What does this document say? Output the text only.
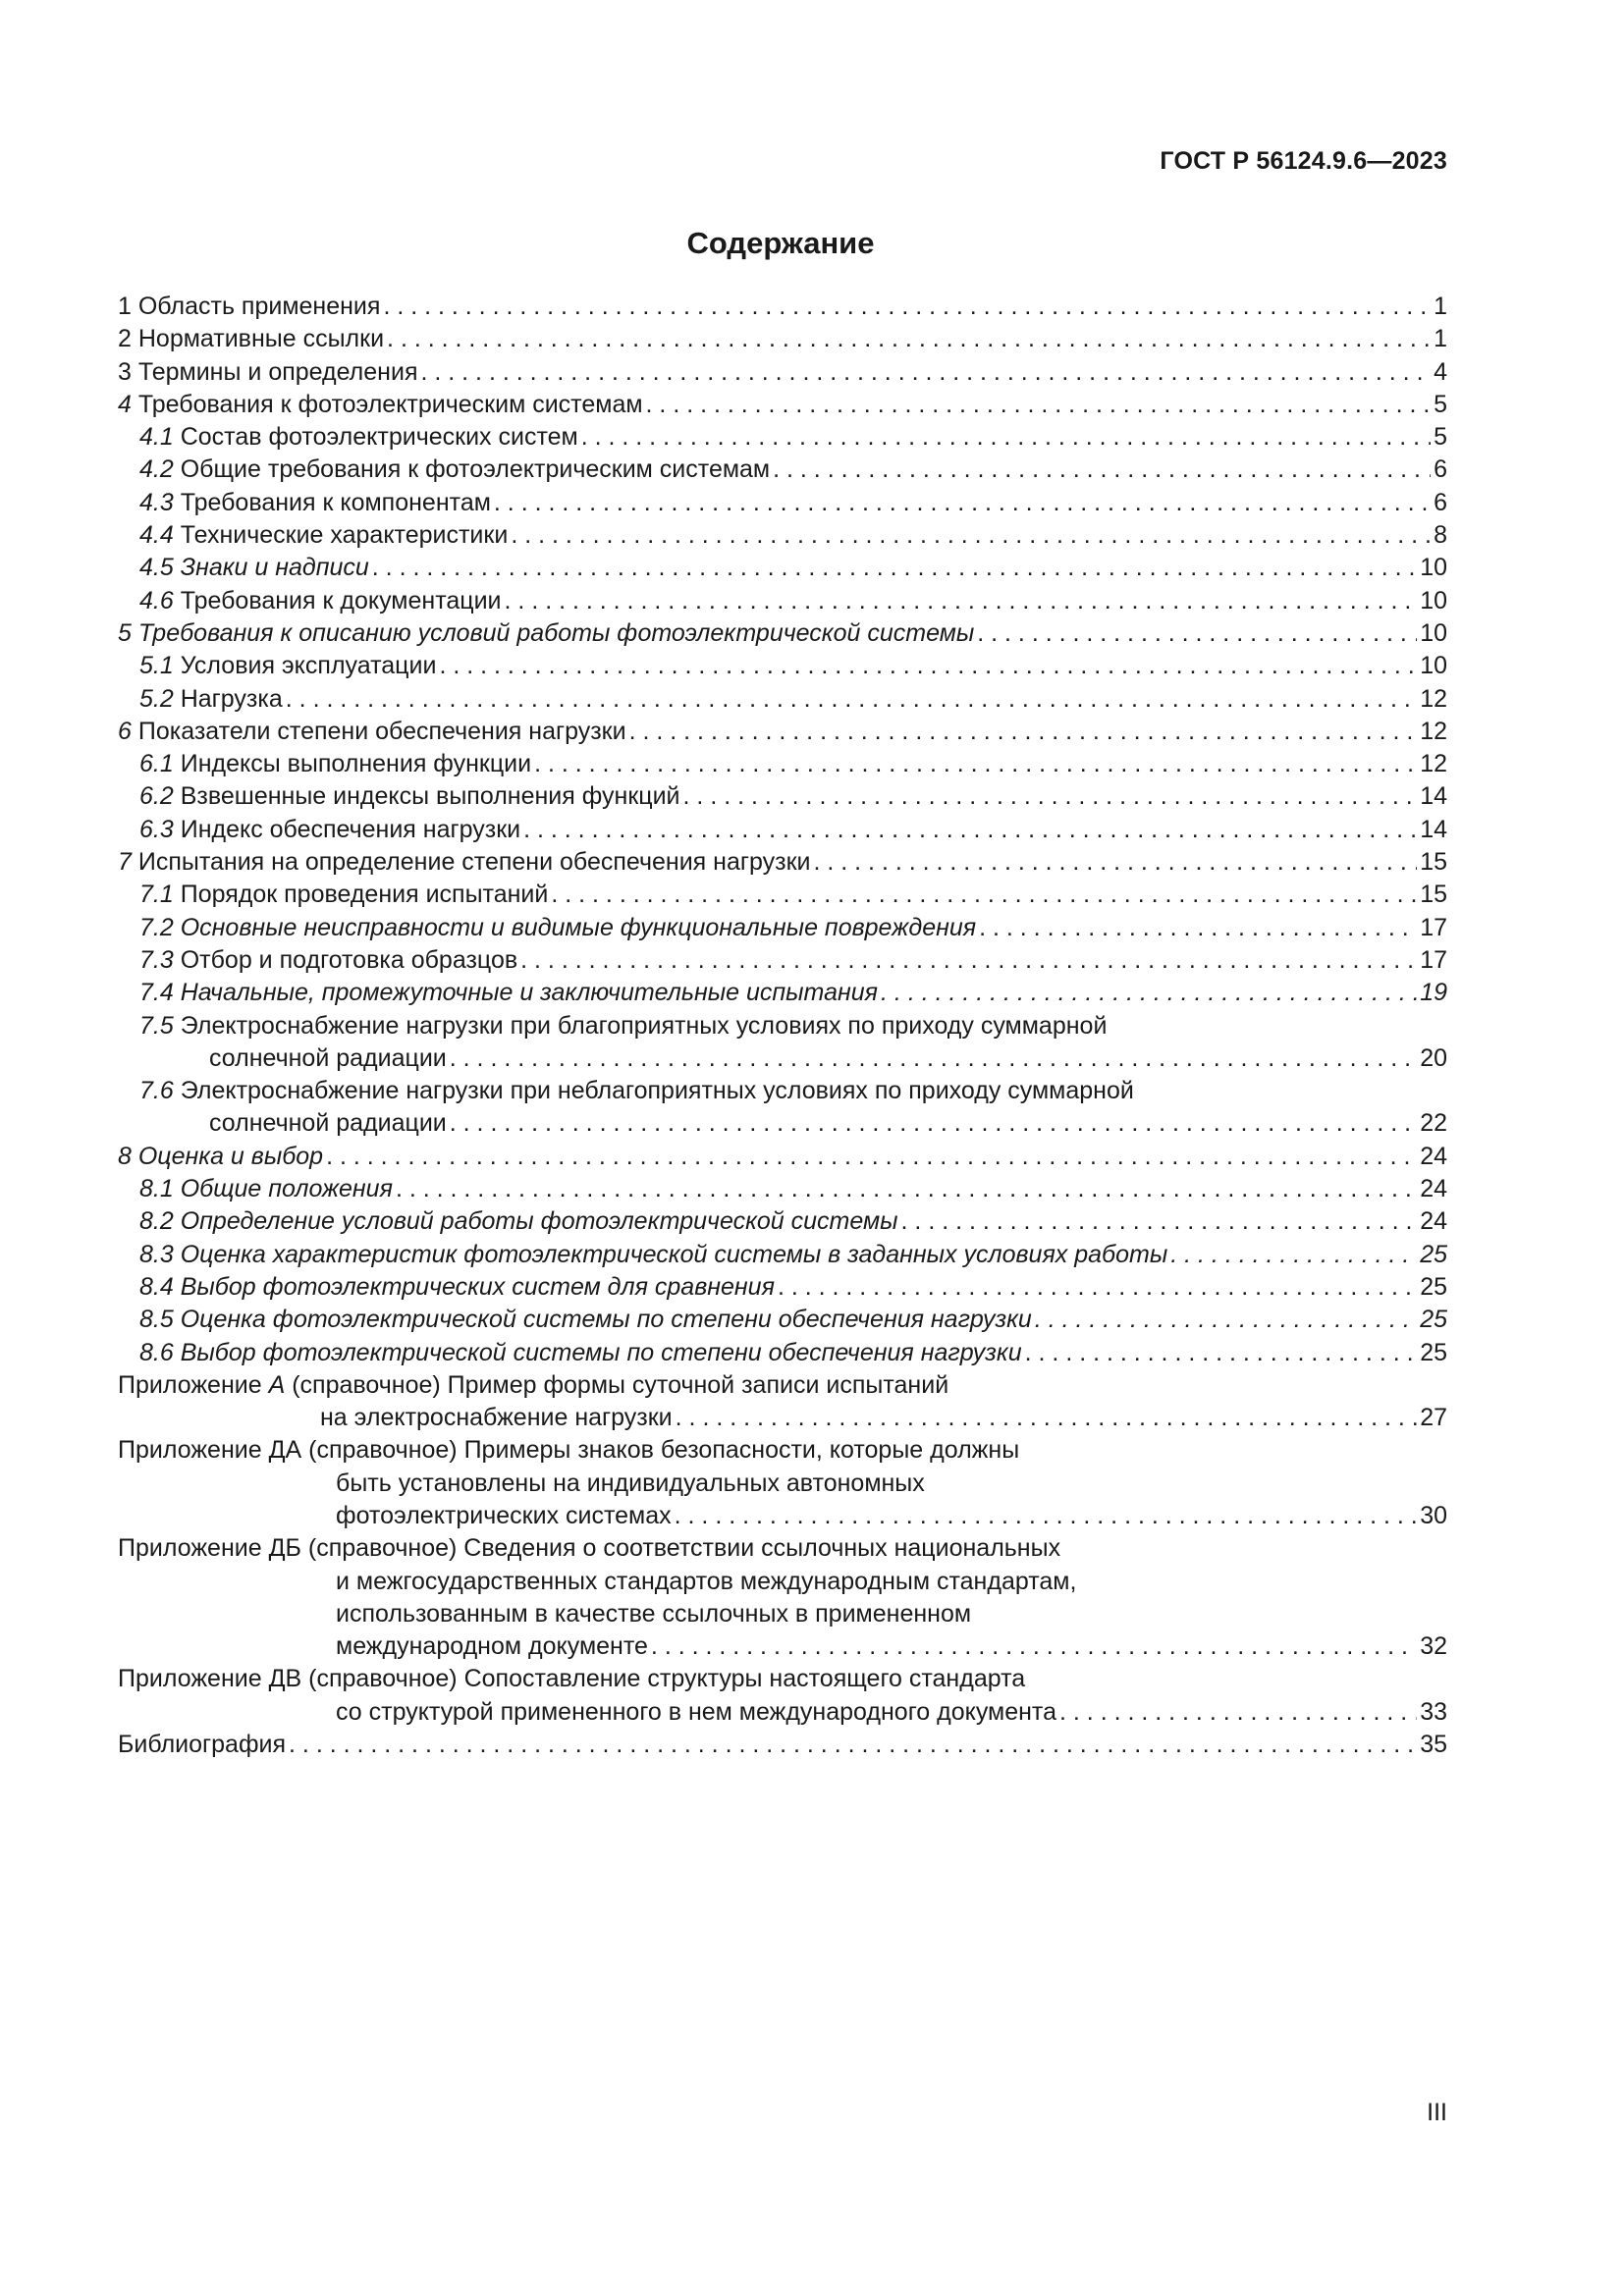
ГОСТ Р 56124.9.6—2023
Содержание
1 Область применения . . .	1
2 Нормативные ссылки . . .	1
3 Термины и определения . . .	4
4 Требования к фотоэлектрическим системам . . .	5
4.1 Состав фотоэлектрических систем . . .	5
4.2 Общие требования к фотоэлектрическим системам . . .	6
4.3 Требования к компонентам . . .	6
4.4 Технические характеристики . . .	8
4.5 Знаки и надписи . . .	10
4.6 Требования к документации . . .	10
5 Требования к описанию условий работы фотоэлектрической системы . . .	10
5.1 Условия эксплуатации . . .	10
5.2 Нагрузка . . .	12
6 Показатели степени обеспечения нагрузки . . .	12
6.1 Индексы выполнения функции . . .	12
6.2 Взвешенные индексы выполнения функций . . .	14
6.3 Индекс обеспечения нагрузки . . .	14
7 Испытания на определение степени обеспечения нагрузки . . .	15
7.1 Порядок проведения испытаний . . .	15
7.2 Основные неисправности и видимые функциональные повреждения . . .	17
7.3 Отбор и подготовка образцов . . .	17
7.4 Начальные, промежуточные и заключительные испытания . . .	19
7.5 Электроснабжение нагрузки при благоприятных условиях по приходу суммарной
солнечной радиации . . .	20
7.6 Электроснабжение нагрузки при неблагоприятных условиях по приходу суммарной
солнечной радиации . . .	22
8 Оценка и выбор . . .	24
8.1 Общие положения . . .	24
8.2 Определение условий работы фотоэлектрической системы . . .	24
8.3 Оценка характеристик фотоэлектрической системы в заданных условиях работы . . .	25
8.4 Выбор фотоэлектрических систем для сравнения . . .	25
8.5 Оценка фотоэлектрической системы по степени обеспечения нагрузки . . .	25
8.6 Выбор фотоэлектрической системы по степени обеспечения нагрузки . . .	25
Приложение А (справочное) Пример формы суточной записи испытаний
на электроснабжение нагрузки . . .	27
Приложение ДА (справочное) Примеры знаков безопасности, которые должны
быть установлены на индивидуальных автономных
фотоэлектрических системах . . .	30
Приложение ДБ (справочное) Сведения о соответствии ссылочных национальных
и межгосударственных стандартов международным стандартам,
использованным в качестве ссылочных в примененном
международном документе . . .	32
Приложение ДВ (справочное) Сопоставление структуры настоящего стандарта
со структурой примененного в нем международного документа . . .	33
Библиография . . .	35
III
